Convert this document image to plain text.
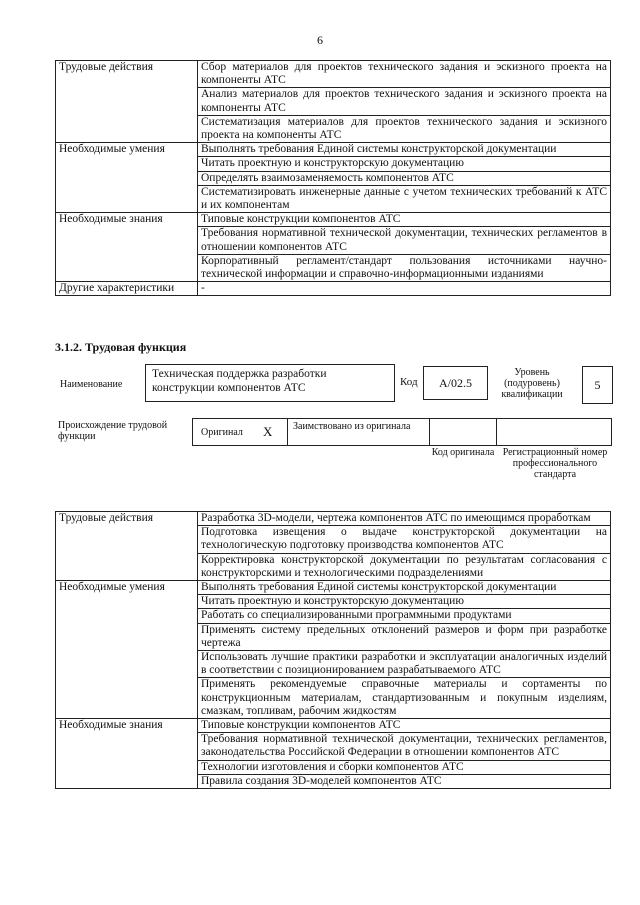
6
Трудовые действия	Сбор материалов для проектов технического задания и эскизного проекта на компоненты АТС
	Анализ материалов для проектов технического задания и эскизного проекта на компоненты АТС
	Систематизация материалов для проектов технического задания и эскизного проекта на компоненты АТС
Необходимые умения	Выполнять требования Единой системы конструкторской документации
	Читать проектную и конструкторскую документацию
	Определять взаимозаменяемость компонентов АТС
	Систематизировать инженерные данные с учетом технических требований к АТС и их компонентам
Необходимые знания	Типовые конструкции компонентов АТС
	Требования нормативной технической документации, технических регламентов в отношении компонентов АТС
	Корпоративный регламент/стандарт пользования источниками научно-технической информации и справочно-информационными изданиями
Другие характеристики	-
3.1.2. Трудовая функция
Наименование
Техническая поддержка разработки конструкции компонентов АТС	Код	A/02.5
Уровень (подуровень) квалификации
5
Происхождение трудовой функции	Оригинал X Заимствовано из оригинала
Код оригинала Регистрационный номер профессионального стандарта
Трудовые действия	Разработка 3D-модели, чертежа компонентов АТС по имеющимся проработкам
	Подготовка извещения о выдаче конструкторской документации на технологическую подготовку производства компонентов АТС
	Корректировка конструкторской документации по результатам согласования с конструкторскими и технологическими подразделениями
Необходимые умения	Выполнять требования Единой системы конструкторской документации
	Читать проектную и конструкторскую документацию
	Работать со специализированными программными продуктами
	Применять систему предельных отклонений размеров и форм при разработке чертежа
	Использовать лучшие практики разработки и эксплуатации аналогичных изделий в соответствии с позиционированием разрабатываемого АТС
	Применять рекомендуемые справочные материалы и сортаменты по конструкционным материалам, стандартизованным и покупным изделиям, смазкам, топливам, рабочим жидкостям
Необходимые знания	Типовые конструкции компонентов АТС
	Требования нормативной технической документации, технических регламентов, законодательства Российской Федерации в отношении компонентов АТС
	Технологии изготовления и сборки компонентов АТС
	Правила создания 3D-моделей компонентов АТС
